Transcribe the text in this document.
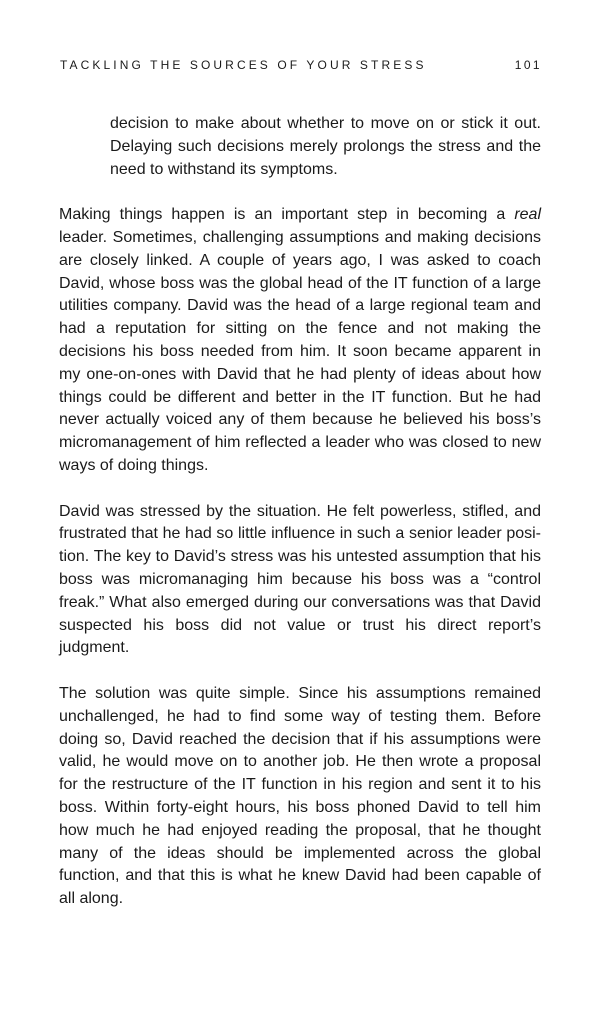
TACKLING THE SOURCES OF YOUR STRESS	101

decision to make about whether to move on or stick it out. Delaying such decisions merely prolongs the stress and the need to withstand its symptoms.

Making things happen is an important step in becoming a real leader. Sometimes, challenging assumptions and making decisions are closely linked. A couple of years ago, I was asked to coach David, whose boss was the global head of the IT function of a large utilities company. David was the head of a large regional team and had a reputation for sitting on the fence and not making the decisions his boss needed from him. It soon became apparent in my one-on-ones with David that he had plenty of ideas about how things could be different and better in the IT function. But he had never actually voiced any of them because he believed his boss’s micromanagement of him reflected a leader who was closed to new ways of doing things.

David was stressed by the situation. He felt powerless, stifled, and frustrated that he had so little influence in such a senior leader position. The key to David’s stress was his untested assumption that his boss was micromanaging him because his boss was a “control freak.” What also emerged during our conversations was that David suspected his boss did not value or trust his direct report’s judgment.

The solution was quite simple. Since his assumptions remained unchallenged, he had to find some way of testing them. Before doing so, David reached the decision that if his assumptions were valid, he would move on to another job. He then wrote a proposal for the restructure of the IT function in his region and sent it to his boss. Within forty-eight hours, his boss phoned David to tell him how much he had enjoyed reading the proposal, that he thought many of the ideas should be implemented across the global function, and that this is what he knew David had been capable of all along.
